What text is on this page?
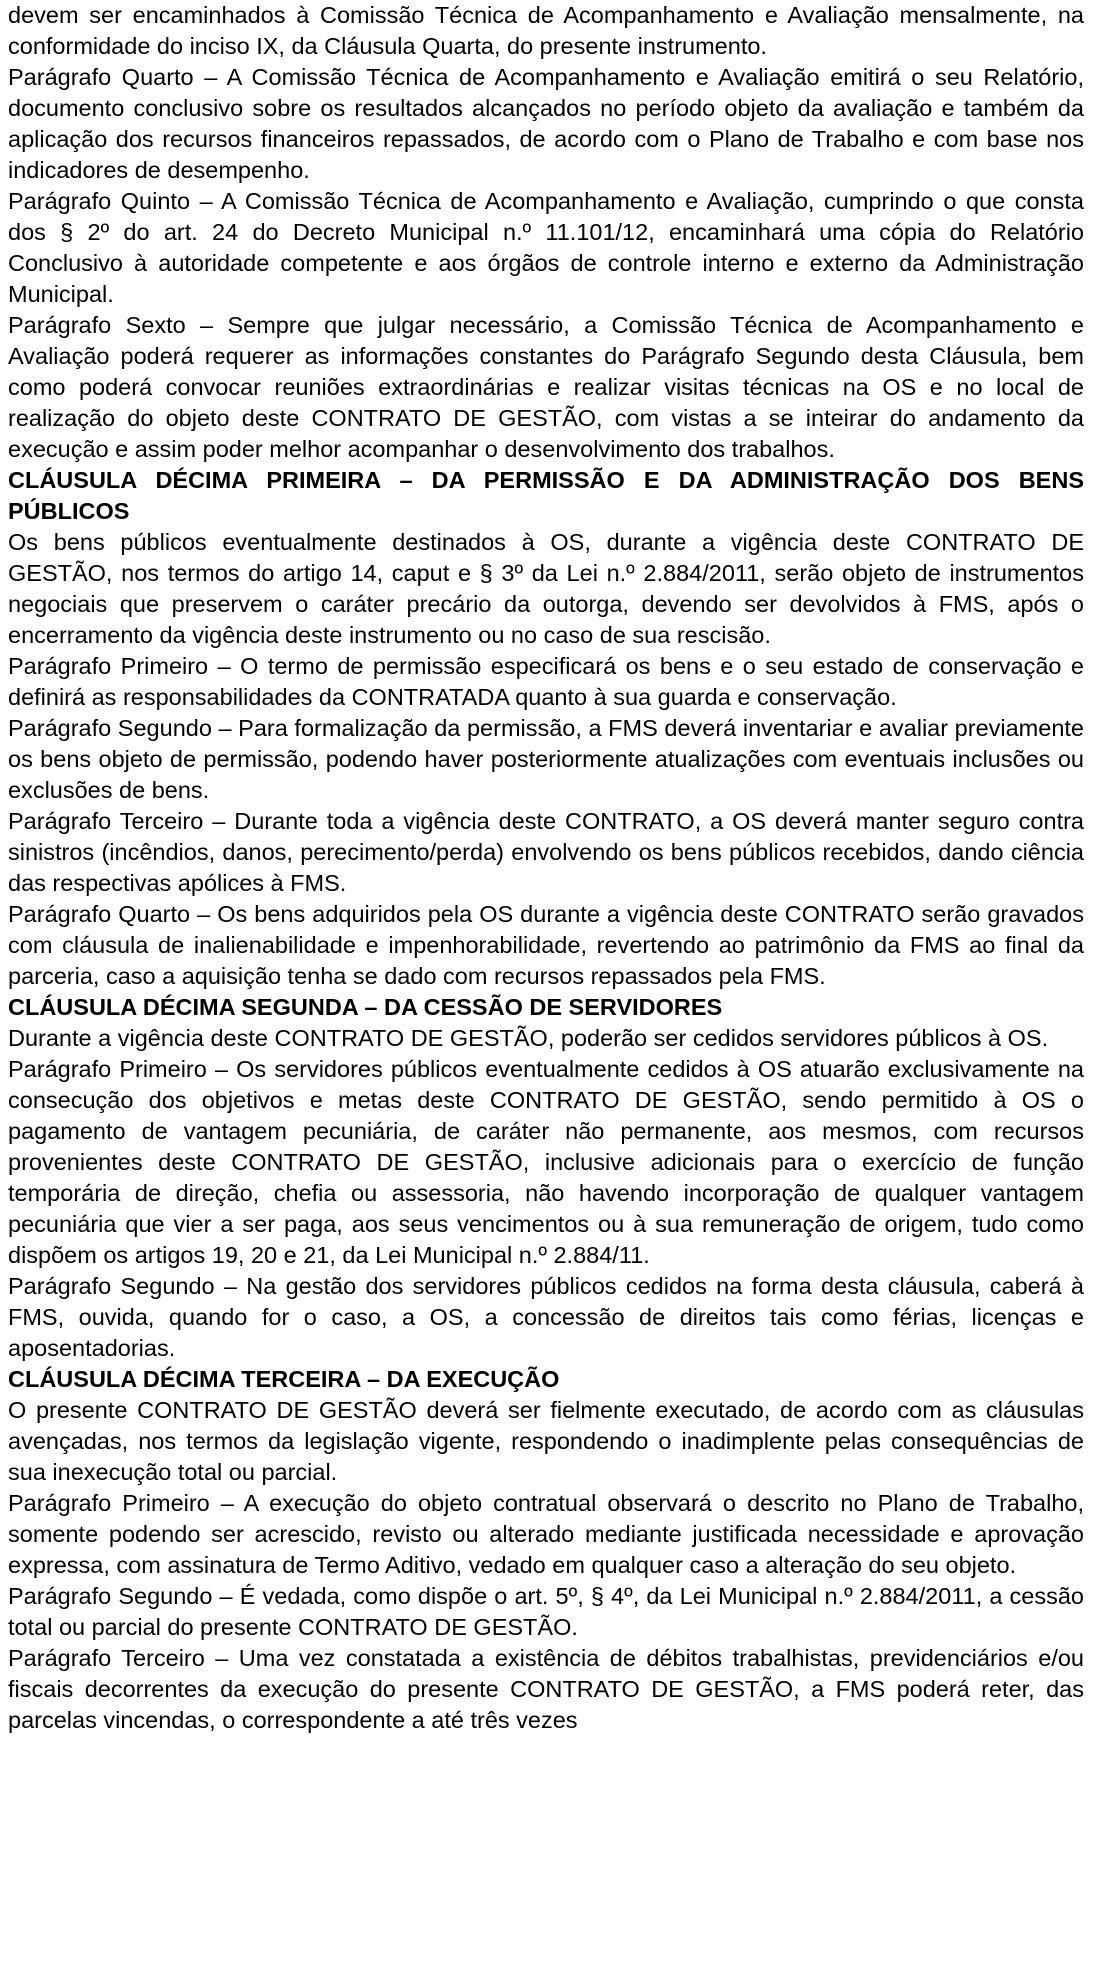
devem ser encaminhados à Comissão Técnica de Acompanhamento e Avaliação mensalmente, na conformidade do inciso IX, da Cláusula Quarta, do presente instrumento.

Parágrafo Quarto – A Comissão Técnica de Acompanhamento e Avaliação emitirá o seu Relatório, documento conclusivo sobre os resultados alcançados no período objeto da avaliação e também da aplicação dos recursos financeiros repassados, de acordo com o Plano de Trabalho e com base nos indicadores de desempenho.

Parágrafo Quinto – A Comissão Técnica de Acompanhamento e Avaliação, cumprindo o que consta dos § 2º do art. 24 do Decreto Municipal n.º 11.101/12, encaminhará uma cópia do Relatório Conclusivo à autoridade competente e aos órgãos de controle interno e externo da Administração Municipal.

Parágrafo Sexto – Sempre que julgar necessário, a Comissão Técnica de Acompanhamento e Avaliação poderá requerer as informações constantes do Parágrafo Segundo desta Cláusula, bem como poderá convocar reuniões extraordinárias e realizar visitas técnicas na OS e no local de realização do objeto deste CONTRATO DE GESTÃO, com vistas a se inteirar do andamento da execução e assim poder melhor acompanhar o desenvolvimento dos trabalhos.

CLÁUSULA DÉCIMA PRIMEIRA – DA PERMISSÃO E DA ADMINISTRAÇÃO DOS BENS PÚBLICOS

Os bens públicos eventualmente destinados à OS, durante a vigência deste CONTRATO DE GESTÃO, nos termos do artigo 14, caput e § 3º da Lei n.º 2.884/2011, serão objeto de instrumentos negociais que preservem o caráter precário da outorga, devendo ser devolvidos à FMS, após o encerramento da vigência deste instrumento ou no caso de sua rescisão.

Parágrafo Primeiro – O termo de permissão especificará os bens e o seu estado de conservação e definirá as responsabilidades da CONTRATADA quanto à sua guarda e conservação.

Parágrafo Segundo – Para formalização da permissão, a FMS deverá inventariar e avaliar previamente os bens objeto de permissão, podendo haver posteriormente atualizações com eventuais inclusões ou exclusões de bens.

Parágrafo Terceiro – Durante toda a vigência deste CONTRATO, a OS deverá manter seguro contra sinistros (incêndios, danos, perecimento/perda) envolvendo os bens públicos recebidos, dando ciência das respectivas apólices à FMS.

Parágrafo Quarto – Os bens adquiridos pela OS durante a vigência deste CONTRATO serão gravados com cláusula de inalienabilidade e impenhorabilidade, revertendo ao patrimônio da FMS ao final da parceria, caso a aquisição tenha se dado com recursos repassados pela FMS.

CLÁUSULA DÉCIMA SEGUNDA – DA CESSÃO DE SERVIDORES

Durante a vigência deste CONTRATO DE GESTÃO, poderão ser cedidos servidores públicos à OS.

Parágrafo Primeiro – Os servidores públicos eventualmente cedidos à OS atuarão exclusivamente na consecução dos objetivos e metas deste CONTRATO DE GESTÃO, sendo permitido à OS o pagamento de vantagem pecuniária, de caráter não permanente, aos mesmos, com recursos provenientes deste CONTRATO DE GESTÃO, inclusive adicionais para o exercício de função temporária de direção, chefia ou assessoria, não havendo incorporação de qualquer vantagem pecuniária que vier a ser paga, aos seus vencimentos ou à sua remuneração de origem, tudo como dispõem os artigos 19, 20 e 21, da Lei Municipal n.º 2.884/11.

Parágrafo Segundo – Na gestão dos servidores públicos cedidos na forma desta cláusula, caberá à FMS, ouvida, quando for o caso, a OS, a concessão de direitos tais como férias, licenças e aposentadorias.

CLÁUSULA DÉCIMA TERCEIRA – DA EXECUÇÃO

O presente CONTRATO DE GESTÃO deverá ser fielmente executado, de acordo com as cláusulas avençadas, nos termos da legislação vigente, respondendo o inadimplente pelas consequências de sua inexecução total ou parcial.

Parágrafo Primeiro – A execução do objeto contratual observará o descrito no Plano de Trabalho, somente podendo ser acrescido, revisto ou alterado mediante justificada necessidade e aprovação expressa, com assinatura de Termo Aditivo, vedado em qualquer caso a alteração do seu objeto.

Parágrafo Segundo – É vedada, como dispõe o art. 5º, § 4º, da Lei Municipal n.º 2.884/2011, a cessão total ou parcial do presente CONTRATO DE GESTÃO.

Parágrafo Terceiro – Uma vez constatada a existência de débitos trabalhistas, previdenciários e/ou fiscais decorrentes da execução do presente CONTRATO DE GESTÃO, a FMS poderá reter, das parcelas vincendas, o correspondente a até três vezes
